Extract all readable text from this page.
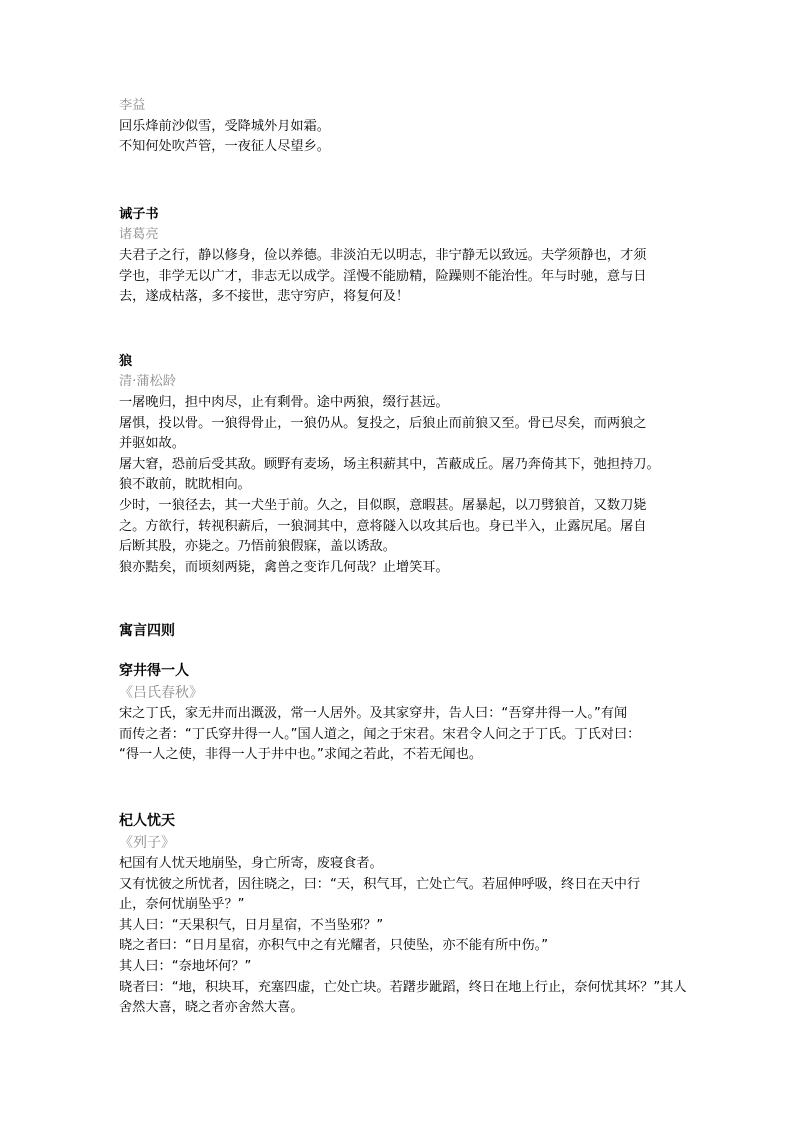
李益
回乐烽前沙似雪，受降城外月如霜。
不知何处吹芦管，一夜征人尽望乡。
诫子书
诸葛亮
夫君子之行，静以修身，俭以养德。非淡泊无以明志，非宁静无以致远。夫学须静也，才须
学也，非学无以广才，非志无以成学。淫慢不能励精，险躁则不能治性。年与时驰，意与日
去，遂成枯落，多不接世，悲守穷庐，将复何及！
狼
清·蒲松龄
一屠晚归，担中肉尽，止有剩骨。途中两狼，缀行甚远。
屠惧，投以骨。一狼得骨止，一狼仍从。复投之，后狼止而前狼又至。骨已尽矣，而两狼之
并驱如故。
屠大窘，恐前后受其敌。顾野有麦场，场主积薪其中，苫蔽成丘。屠乃奔倚其下，弛担持刀。
狼不敢前，眈眈相向。
少时，一狼径去，其一犬坐于前。久之，目似瞑，意暇甚。屠暴起，以刀劈狼首，又数刀毙
之。方欲行，转视积薪后，一狼洞其中，意将隧入以攻其后也。身已半入，止露尻尾。屠自
后断其股，亦毙之。乃悟前狼假寐，盖以诱敌。
狼亦黠矣，而顷刻两毙，禽兽之变诈几何哉？止增笑耳。
寓言四则
穿井得一人
《吕氏春秋》
宋之丁氏，家无井而出溉汲，常一人居外。及其家穿井，告人曰：“吾穿井得一人。”有闻
而传之者：“丁氏穿井得一人。”国人道之，闻之于宋君。宋君令人问之于丁氏。丁氏对曰：
“得一人之使，非得一人于井中也。”求闻之若此，不若无闻也。
杞人忧天
《列子》
杞国有人忧天地崩坠，身亡所寄，废寝食者。
又有忧彼之所忧者，因往晓之，曰：“天，积气耳，亡处亡气。若屈伸呼吸，终日在天中行
止，奈何忧崩坠乎？”
其人曰：“天果积气，日月星宿，不当坠邪？”
晓之者曰：“日月星宿，亦积气中之有光耀者，只使坠，亦不能有所中伤。”
其人曰：“奈地坏何？”
晓者曰：“地，积块耳，充塞四虚，亡处亡块。若躇步跐蹈，终日在地上行止，奈何忧其坏？”其人
舍然大喜，晓之者亦舍然大喜。
